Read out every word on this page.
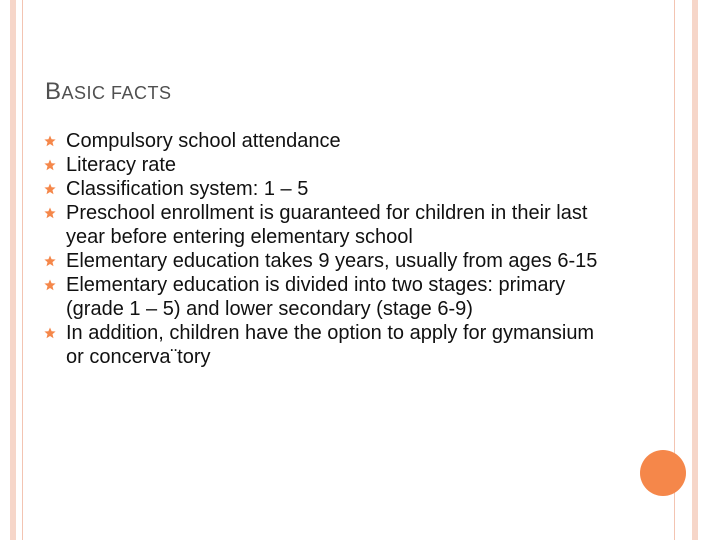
BASIC FACTS
Compulsory school attendance
Literacy rate
Classification system: 1 – 5
Preschool enrollment is guaranteed for children in their last year before entering elementary school
Elementary education takes 9 years, usually from ages 6-15
Elementary education is divided into two stages: primary (grade 1 – 5) and lower secondary (stage 6-9)
In addition, children have the option to apply for gymansium or concerva¨tory
